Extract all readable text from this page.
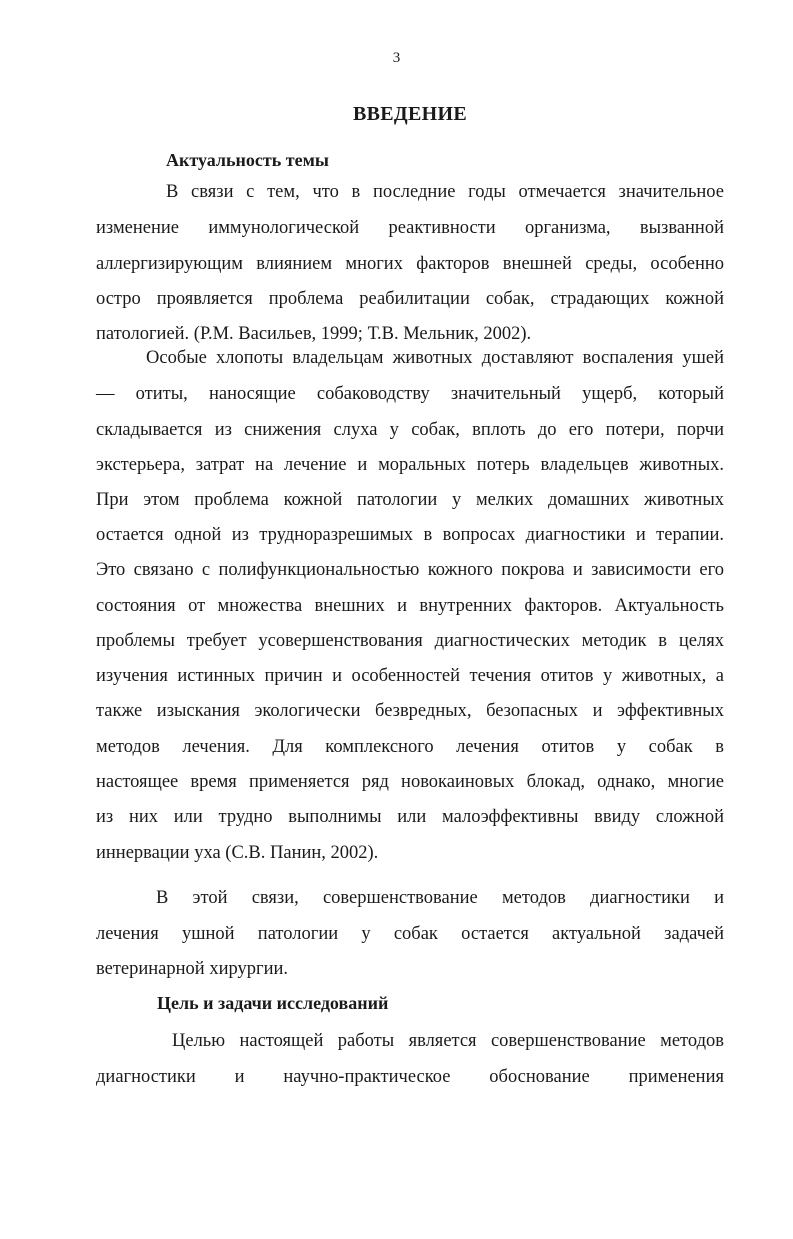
3
ВВЕДЕНИЕ
Актуальность темы
В связи с тем, что в последние годы отмечается значительное
изменение иммунологической реактивности организма, вызванной
аллергизирующим влиянием многих факторов внешней среды, особенно
остро проявляется проблема реабилитации собак, страдающих кожной
патологией. (Р.М. Васильев, 1999; Т.В. Мельник, 2002).
Особые хлопоты владельцам животных доставляют воспаления ушей
— отиты, наносящие собаководству значительный ущерб, который
складывается из снижения слуха у собак, вплоть до его потери, порчи
экстерьера, затрат на лечение и моральных потерь владельцев животных.
При этом проблема кожной патологии у мелких домашних животных
остается одной из трудноразрешимых в вопросах диагностики и терапии.
Это связано с полифункциональностью кожного покрова и зависимости его
состояния от множества внешних и внутренних факторов. Актуальность
проблемы требует усовершенствования диагностических методик в целях
изучения истинных причин и особенностей течения отитов у животных, а
также изыскания экологически безвредных, безопасных и эффективных
методов лечения. Для комплексного лечения отитов у собак в
настоящее время применяется ряд новокаиновых блокад, однако, многие
из них или трудно выполнимы или малоэффективны ввиду сложной
иннервации уха (С.В. Панин, 2002).
В этой связи, совершенствование методов диагностики и
лечения ушной патологии у собак остается актуальной задачей
ветеринарной хирургии.
Цель и задачи исследований
Целью настоящей работы является совершенствование методов
диагностики и научно-практическое обоснование применения
